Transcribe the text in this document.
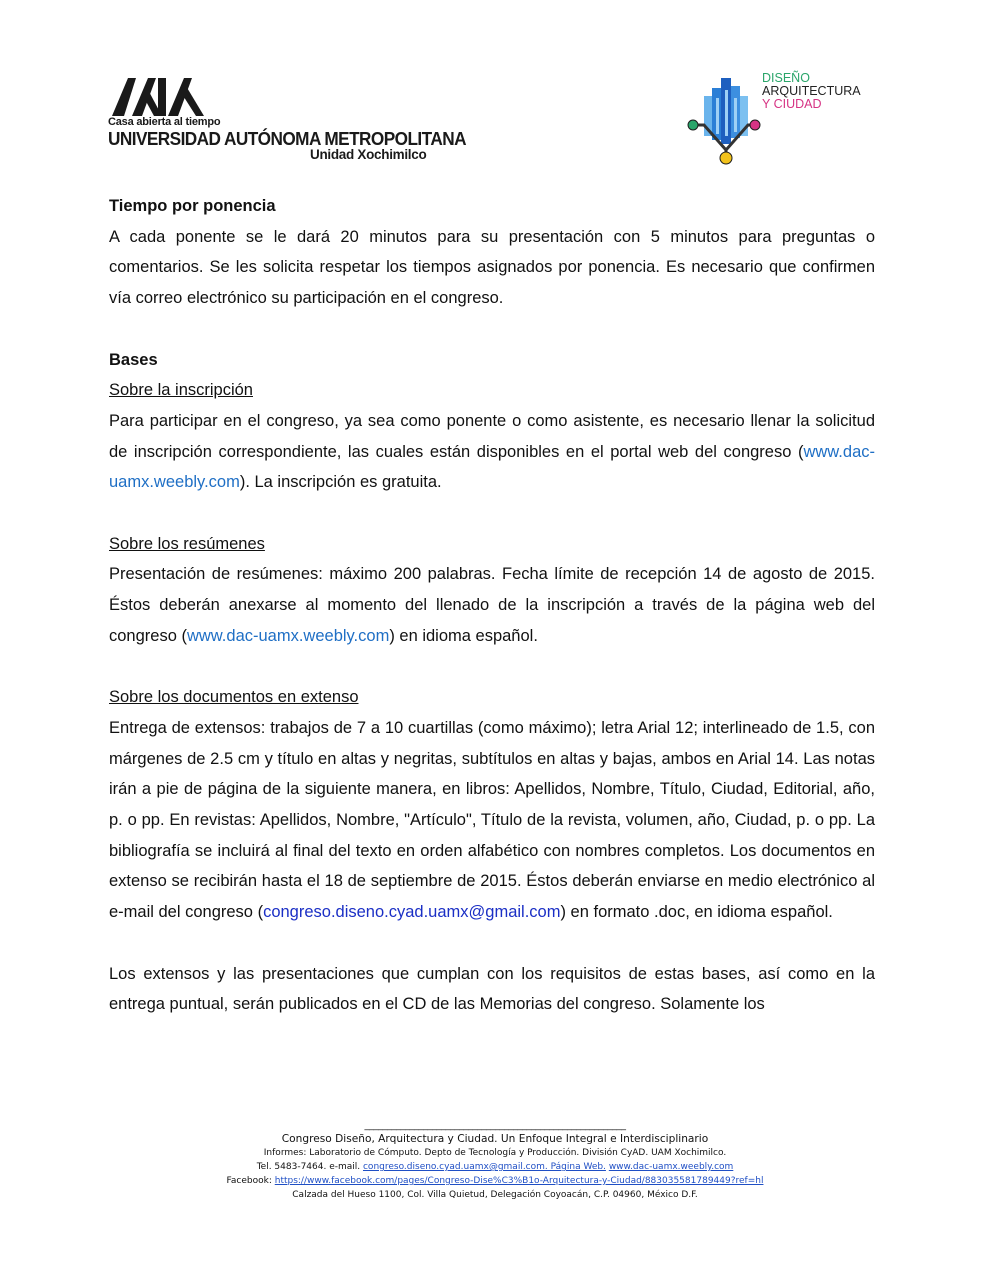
Casa abierta al tiempo
UNIVERSIDAD AUTÓNOMA METROPOLITANA
Unidad Xochimilco
DISEÑO
ARQUITECTURA
Y CIUDAD

Tiempo por ponencia

A cada ponente se le dará 20 minutos para su presentación con 5 minutos para preguntas o comentarios. Se les solicita respetar los tiempos asignados por ponencia. Es necesario que confirmen vía correo electrónico su participación en el congreso.

Bases

Sobre la inscripción

Para participar en el congreso, ya sea como ponente o como asistente, es necesario llenar la solicitud de inscripción correspondiente, las cuales están disponibles en el portal web del congreso (www.dac-uamx.weebly.com). La inscripción es gratuita.

Sobre los resúmenes

Presentación de resúmenes: máximo 200 palabras. Fecha límite de recepción 14 de agosto de 2015. Éstos deberán anexarse al momento del llenado de la inscripción a través de la página web del congreso (www.dac-uamx.weebly.com) en idioma español.

Sobre los documentos en extenso

Entrega de extensos: trabajos de 7 a 10 cuartillas (como máximo); letra Arial 12; interlineado de 1.5, con márgenes de 2.5 cm y título en altas y negritas, subtítulos en altas y bajas, ambos en Arial 14. Las notas irán a pie de página de la siguiente manera, en libros: Apellidos, Nombre, Título, Ciudad, Editorial, año, p. o pp. En revistas: Apellidos, Nombre, "Artículo", Título de la revista, volumen, año, Ciudad, p. o pp. La bibliografía se incluirá al final del texto en orden alfabético con nombres completos. Los documentos en extenso se recibirán hasta el 18 de septiembre de 2015. Éstos deberán enviarse en medio electrónico al e-mail del congreso (congreso.diseno.cyad.uamx@gmail.com) en formato .doc, en idioma español.

Los extensos y las presentaciones que cumplan con los requisitos de estas bases, así como en la entrega puntual, serán publicados en el CD de las Memorias del congreso. Solamente los

__________________________________________________________
Congreso Diseño, Arquitectura y Ciudad. Un Enfoque Integral e Interdisciplinario
Informes: Laboratorio de Cómputo. Depto de Tecnología y Producción. División CyAD. UAM Xochimilco.
Tel. 5483-7464. e-mail. congreso.diseno.cyad.uamx@gmail.com. Página Web. www.dac-uamx.weebly.com
Facebook: https://www.facebook.com/pages/Congreso-Dise%C3%B1o-Arquitectura-y-Ciudad/883035581789449?ref=hl
Calzada del Hueso 1100, Col. Villa Quietud, Delegación Coyoacán, C.P. 04960, México D.F.
